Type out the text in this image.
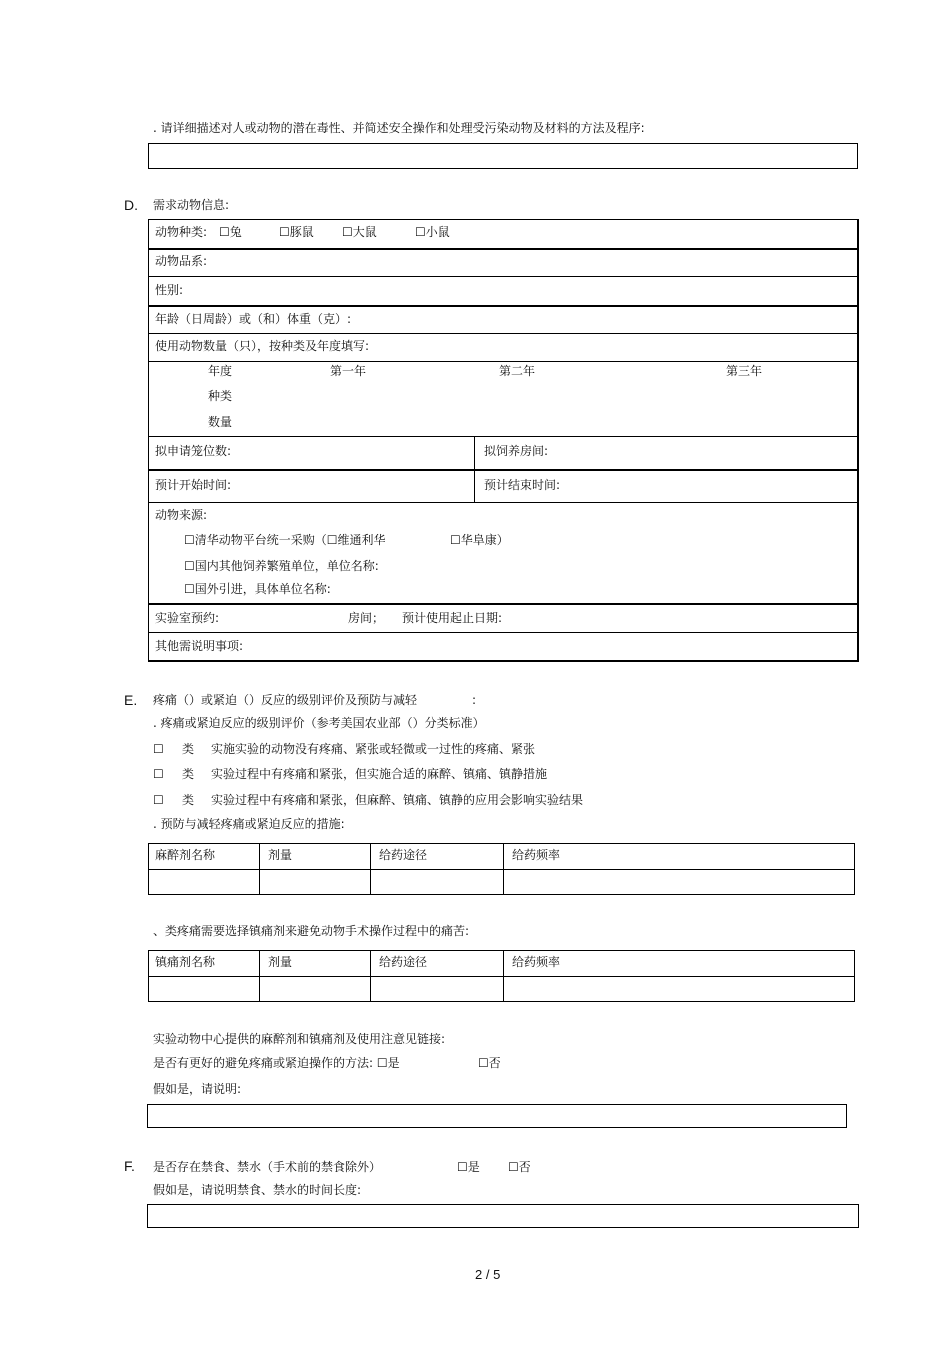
. 请详细描述对人或动物的潜在毒性、并简述安全操作和处理受污染动物及材料的方法及程序:
D. 需求动物信息:
动物种类: ☐兔	☐豚鼠 ☐大鼠	☐小鼠
动物品系:
性别:
年龄（日周龄）或（和）体重（克）:
使用动物数量（只），按种类及年度填写:
年度	第一年	第二年	第三年
种类
数量
拟申请笼位数:	拟饲养房间:
预计开始时间:	预计结束时间:
动物来源:
☐清华动物平台统一采购（☐维通利华	☐华阜康）
☐国内其他饲养繁殖单位，单位名称:
☐国外引进，具体单位名称:
实验室预约:	房间； 预计使用起止日期:
其他需说明事项:
E. 疼痛（）或紧迫（）反应的级别评价及预防与减轻	:
. 疼痛或紧迫反应的级别评价（参考美国农业部（）分类标准）
☐ 类 实施实验的动物没有疼痛、紧张或轻微或一过性的疼痛、紧张
☐ 类 实验过程中有疼痛和紧张，但实施合适的麻醉、镇痛、镇静措施
☐ 类 实验过程中有疼痛和紧张，但麻醉、镇痛、镇静的应用会影响实验结果
. 预防与减轻疼痛或紧迫反应的措施:
麻醉剂名称	剂量	给药途径	给药频率
、类疼痛需要选择镇痛剂来避免动物手术操作过程中的痛苦:
镇痛剂名称	剂量	给药途径	给药频率
实验动物中心提供的麻醉剂和镇痛剂及使用注意见链接:
是否有更好的避免疼痛或紧迫操作的方法: ☐是	☐否
假如是，请说明:
F. 是否存在禁食、禁水（手术前的禁食除外）	☐是 ☐否
假如是，请说明禁食、禁水的时间长度:
2 / 5
